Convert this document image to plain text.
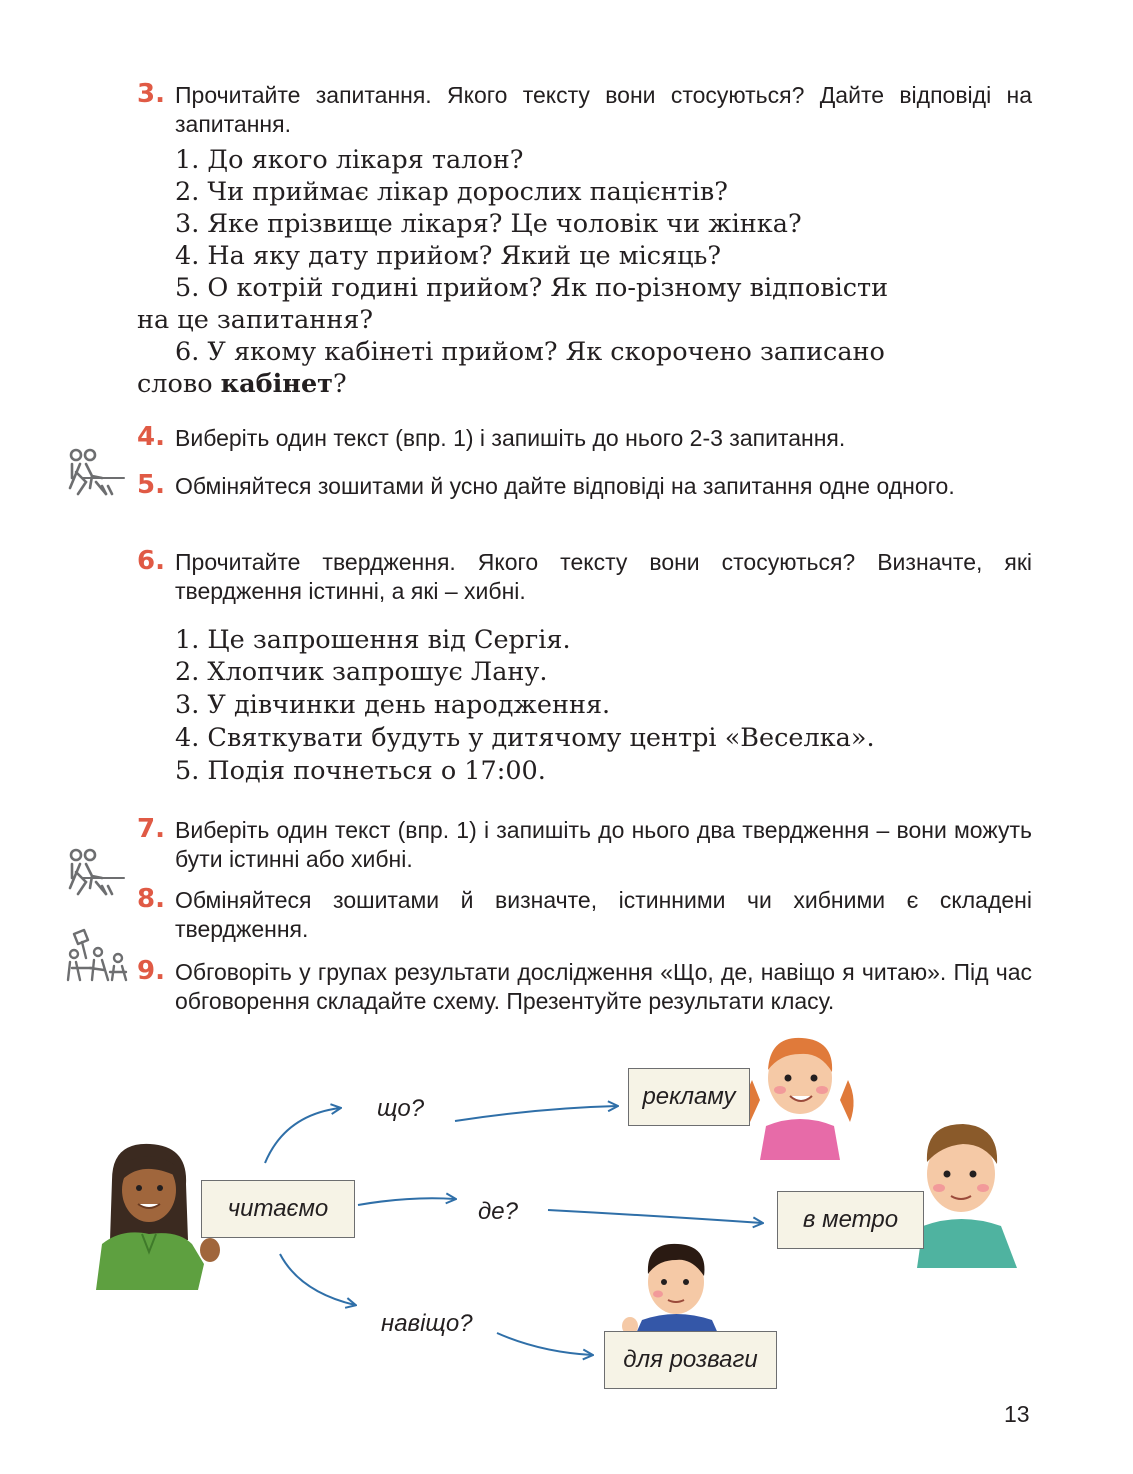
3. Прочитайте запитання. Якого тексту вони стосуються? Дайте відповіді на запитання.
1. До якого лікаря талон?
2. Чи приймає лікар дорослих пацієнтів?
3. Яке прізвище лікаря? Це чоловік чи жінка?
4. На яку дату прийом? Який це місяць?
5. О котрій годині прийом? Як по-різному відповісти
на це запитання?
6. У якому кабінеті прийом? Як скорочено записано
слово кабінет?
4. Виберіть один текст (впр. 1) і запишіть до нього 2-3 запитання.
5. Обміняйтеся зошитами й усно дайте відповіді на запитання одне одного.
6. Прочитайте твердження. Якого тексту вони стосуються? Визначте, які твердження істинні, а які – хибні.
1. Це запрошення від Сергія.
2. Хлопчик запрошує Лану.
3. У дівчинки день народження.
4. Святкувати будуть у дитячому центрі «Веселка».
5. Подія почнеться о 17:00.
7. Виберіть один текст (впр. 1) і запишіть до нього два твердження – вони можуть бути істинні або хибні.
8. Обміняйтеся зошитами й визначте, істинними чи хибними є складені твердження.
9. Обговоріть у групах результати дослідження «Що, де, навіщо я читаю». Під час обговорення складайте схему. Презентуйте результати класу.
читаємо
рекламу
в метро
для розваги
що?
де?
навіщо?
13
